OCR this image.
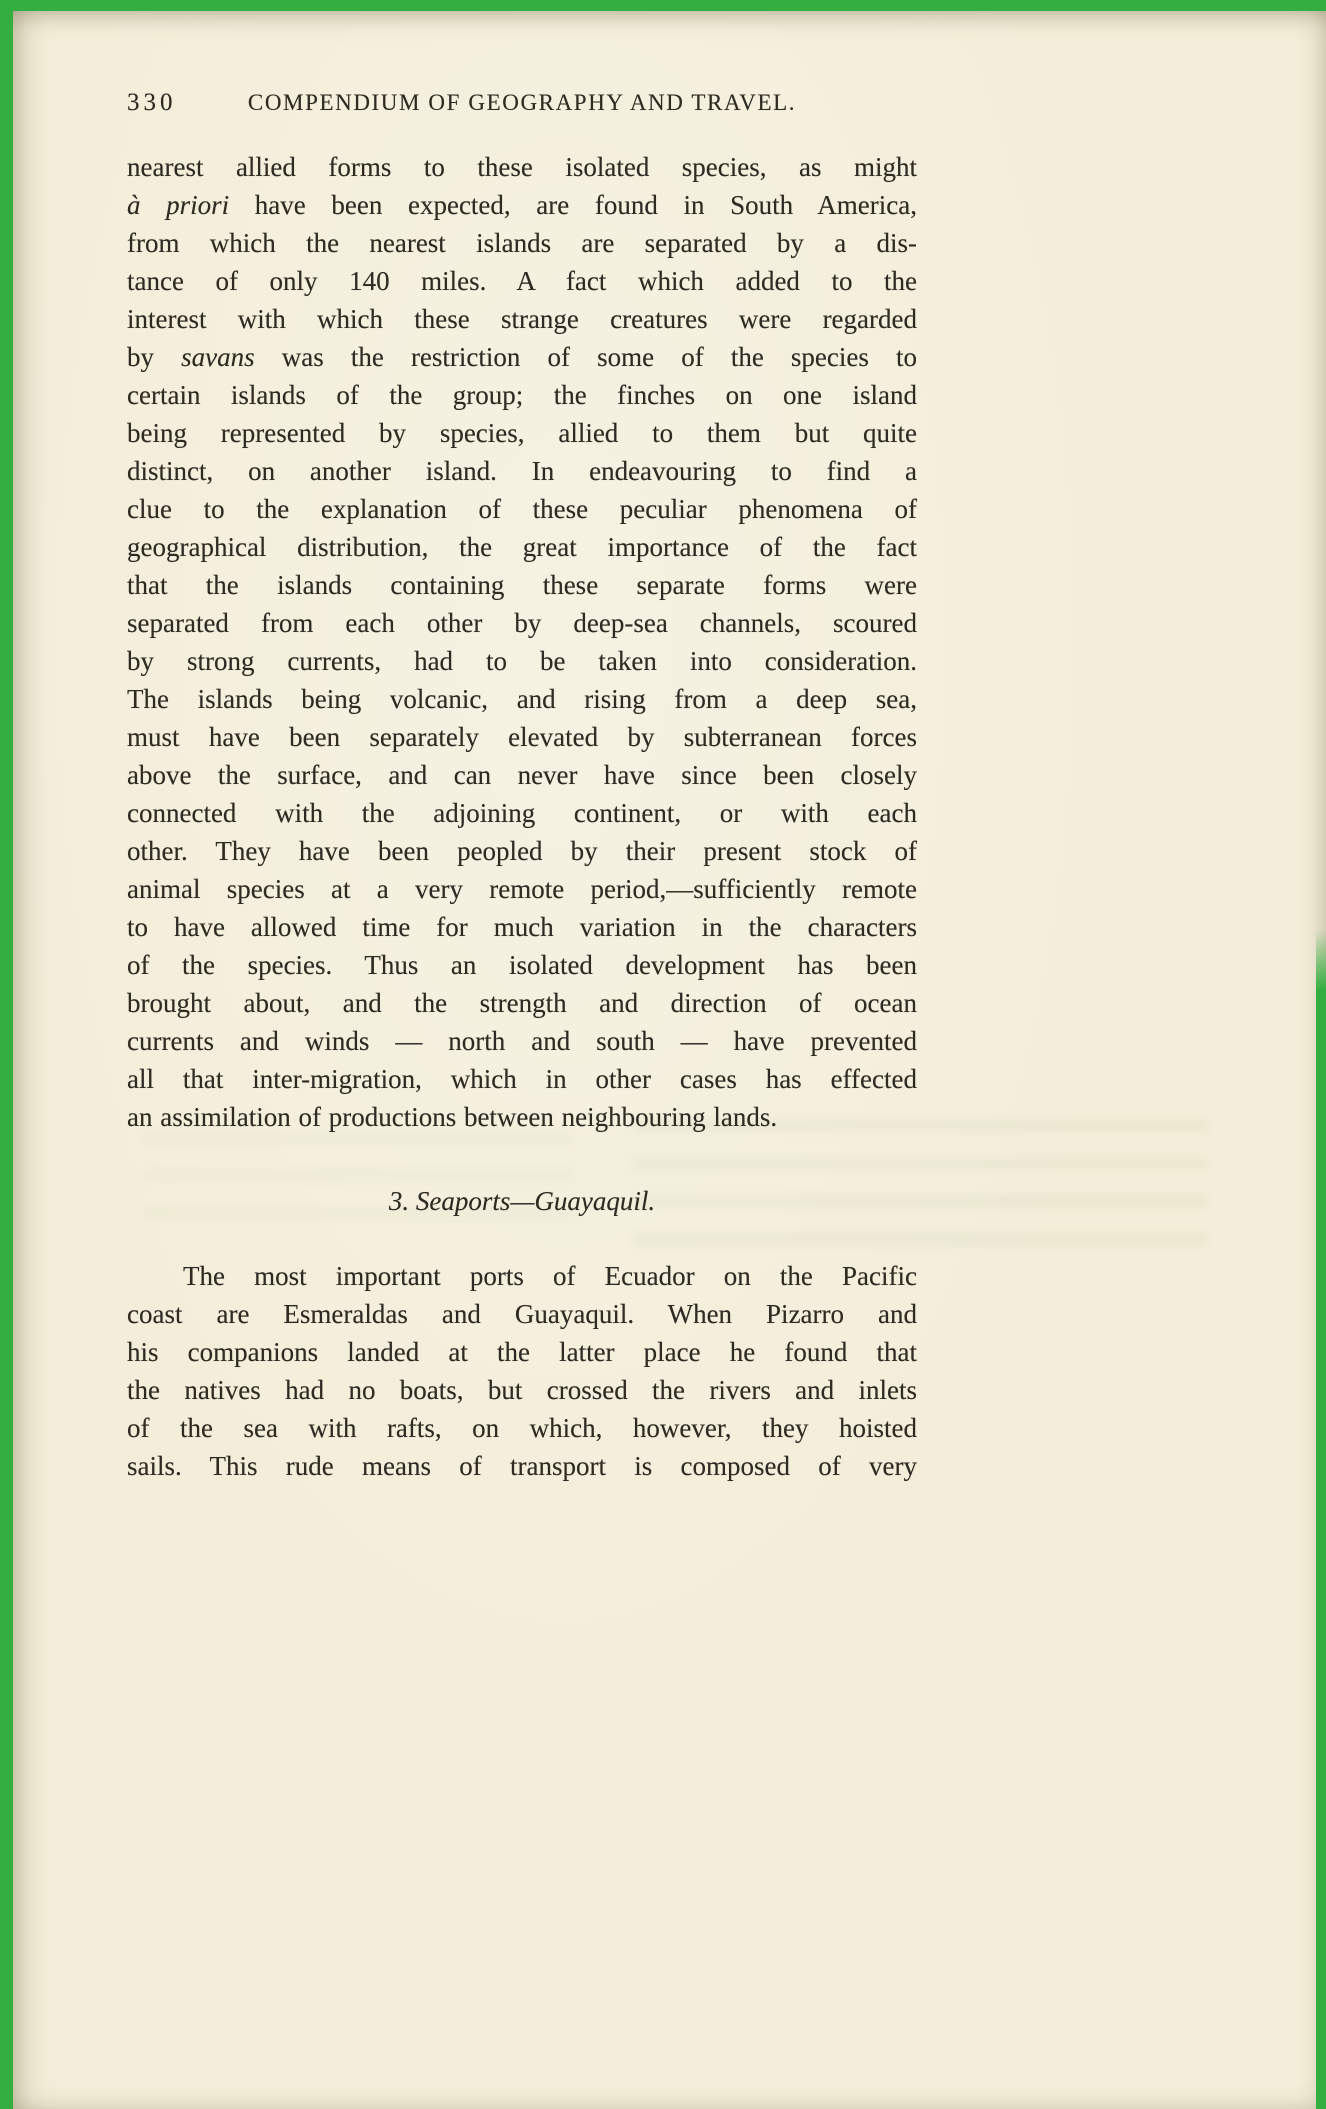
330	COMPENDIUM OF GEOGRAPHY AND TRAVEL.
nearest allied forms to these isolated species, as might
à priori have been expected, are found in South America,
from which the nearest islands are separated by a dis-
tance of only 140 miles. A fact which added to the
interest with which these strange creatures were regarded
by savans was the restriction of some of the species to
certain islands of the group; the finches on one island
being represented by species, allied to them but quite
distinct, on another island. In endeavouring to find a
clue to the explanation of these peculiar phenomena of
geographical distribution, the great importance of the fact
that the islands containing these separate forms were
separated from each other by deep-sea channels, scoured
by strong currents, had to be taken into consideration.
The islands being volcanic, and rising from a deep sea,
must have been separately elevated by subterranean forces
above the surface, and can never have since been closely
connected with the adjoining continent, or with each
other. They have been peopled by their present stock of
animal species at a very remote period,—sufficiently remote
to have allowed time for much variation in the characters
of the species. Thus an isolated development has been
brought about, and the strength and direction of ocean
currents and winds — north and south — have prevented
all that inter-migration, which in other cases has effected
an assimilation of productions between neighbouring lands.
3. Seaports—Guayaquil.
The most important ports of Ecuador on the Pacific
coast are Esmeraldas and Guayaquil. When Pizarro and
his companions landed at the latter place he found that
the natives had no boats, but crossed the rivers and inlets
of the sea with rafts, on which, however, they hoisted
sails. This rude means of transport is composed of very
